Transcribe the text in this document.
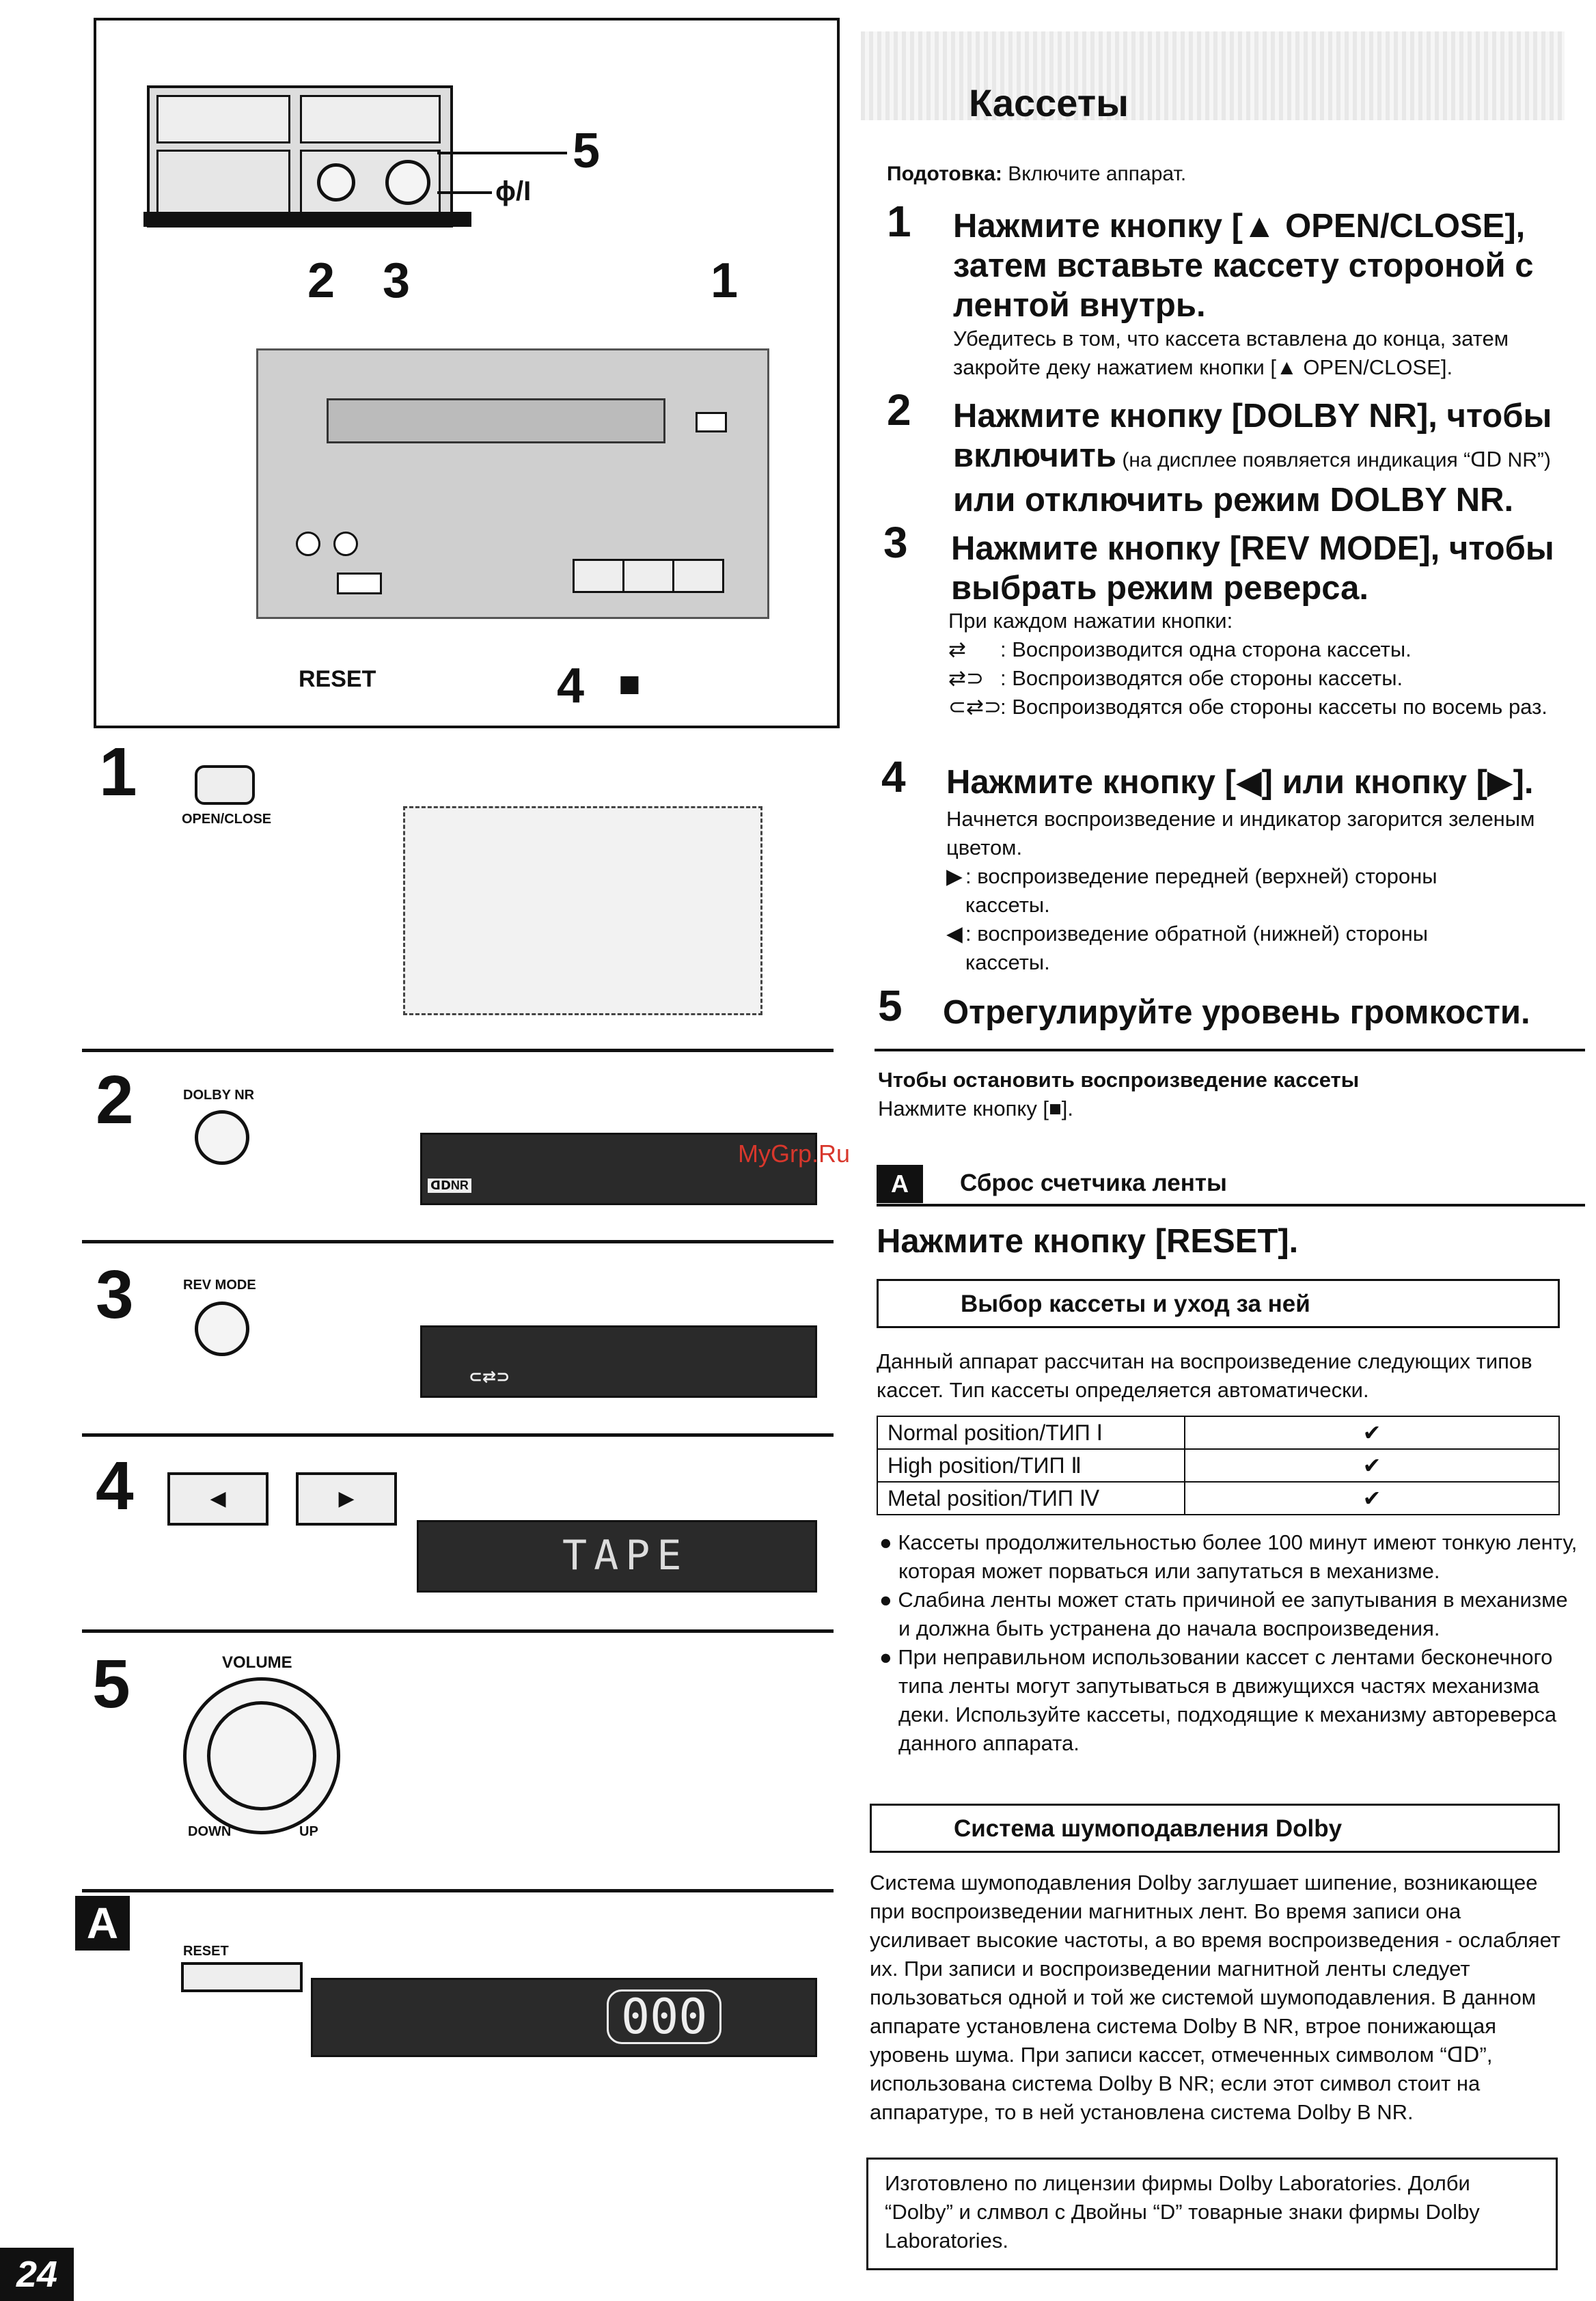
5
ɸ/I
2 3	1
RESET	4 ■
1
OPEN/CLOSE
2	DOLBY NR
ᗡᗞNR
3	REV MODE
⊂⇄⊃
4	◀	▶
TAPE
5	VOLUME
DOWN	UP
A
RESET
000
24
Кассеты
Подотовка: Включите аппарат.
1 Нажмите кнопку [▲ OPEN/CLOSE], затем вставьте кассету стороной с лентой внутрь.
Убедитесь в том, что кассета вставлена до конца, затем закройте деку нажатием кнопки [▲ OPEN/CLOSE].
2 Нажмите кнопку [DOLBY NR], чтобы включить (на дисплее появляется индикация “ᗡᗞ NR”) или отключить режим DOLBY NR.
3 Нажмите кнопку [REV MODE], чтобы выбрать режим реверса.
При каждом нажатии кнопки:
⇄	: Воспроизводится одна сторона кассеты.
⇄⊃ : Воспроизводятся обе стороны кассеты.
⊂⇄⊃
: Воспроизводятся обе стороны кассеты по восемь раз.
4 Нажмите кнопку [◀] или кнопку [▶].
Начнется воспроизведение и индикатор загорится зеленым цветом.
▶ : воспроизведение передней (верхней) стороны кассеты.
◀ : воспроизведение обратной (нижней) стороны кассеты.
5 Отрегулируйте уровень громкости.
Чтобы остановить воспроизведение кассеты
Нажмите кнопку [■].
MyGrp.Ru
A	Сброс счетчика ленты
Нажмите кнопку [RESET].
Выбор кассеты и уход за ней
Данный аппарат рассчитан на воспроизведение следующих типов кассет. Тип кассеты определяется автоматически.
Normal position/ТИП Ⅰ	✔
High position/ТИП Ⅱ	✔
Metal position/ТИП Ⅳ	✔
● Кассеты продолжительностью более 100 минут имеют тонкую ленту, которая может порваться или запутаться в механизме.
● Слабина ленты может стать причиной ее запутывания в механизме и должна быть устранена до начала воспроизведения.
● При неправильном использовании кассет с лентами бесконечного типа ленты могут запутываться в движущихся частях механизма деки. Используйте кассеты, подходящие к механизму автореверса данного аппарата.
Система шумоподавления Dolby
Система шумоподавления Dolby заглушает шипение, возникающее при воспроизведении магнитных лент. Во время записи она усиливает высокие частоты, а во время воспроизведения - ослабляет их. При записи и воспроизведении магнитной ленты следует пользоваться одной и той же системой шумоподавления. В данном аппарате установлена система Dolby B NR, втрое понижающая уровень шума. При записи кассет, отмеченных символом “ᗡᗞ”, использована система Dolby B NR; если этот символ стоит на аппаратуре, то в ней установлена система Dolby B NR.
Изготовлено по лицензии фирмы Dolby Laboratories. Долби “Dolby” и слмвол с Двойны “D” товарные знаки фирмы Dolby Laboratories.
